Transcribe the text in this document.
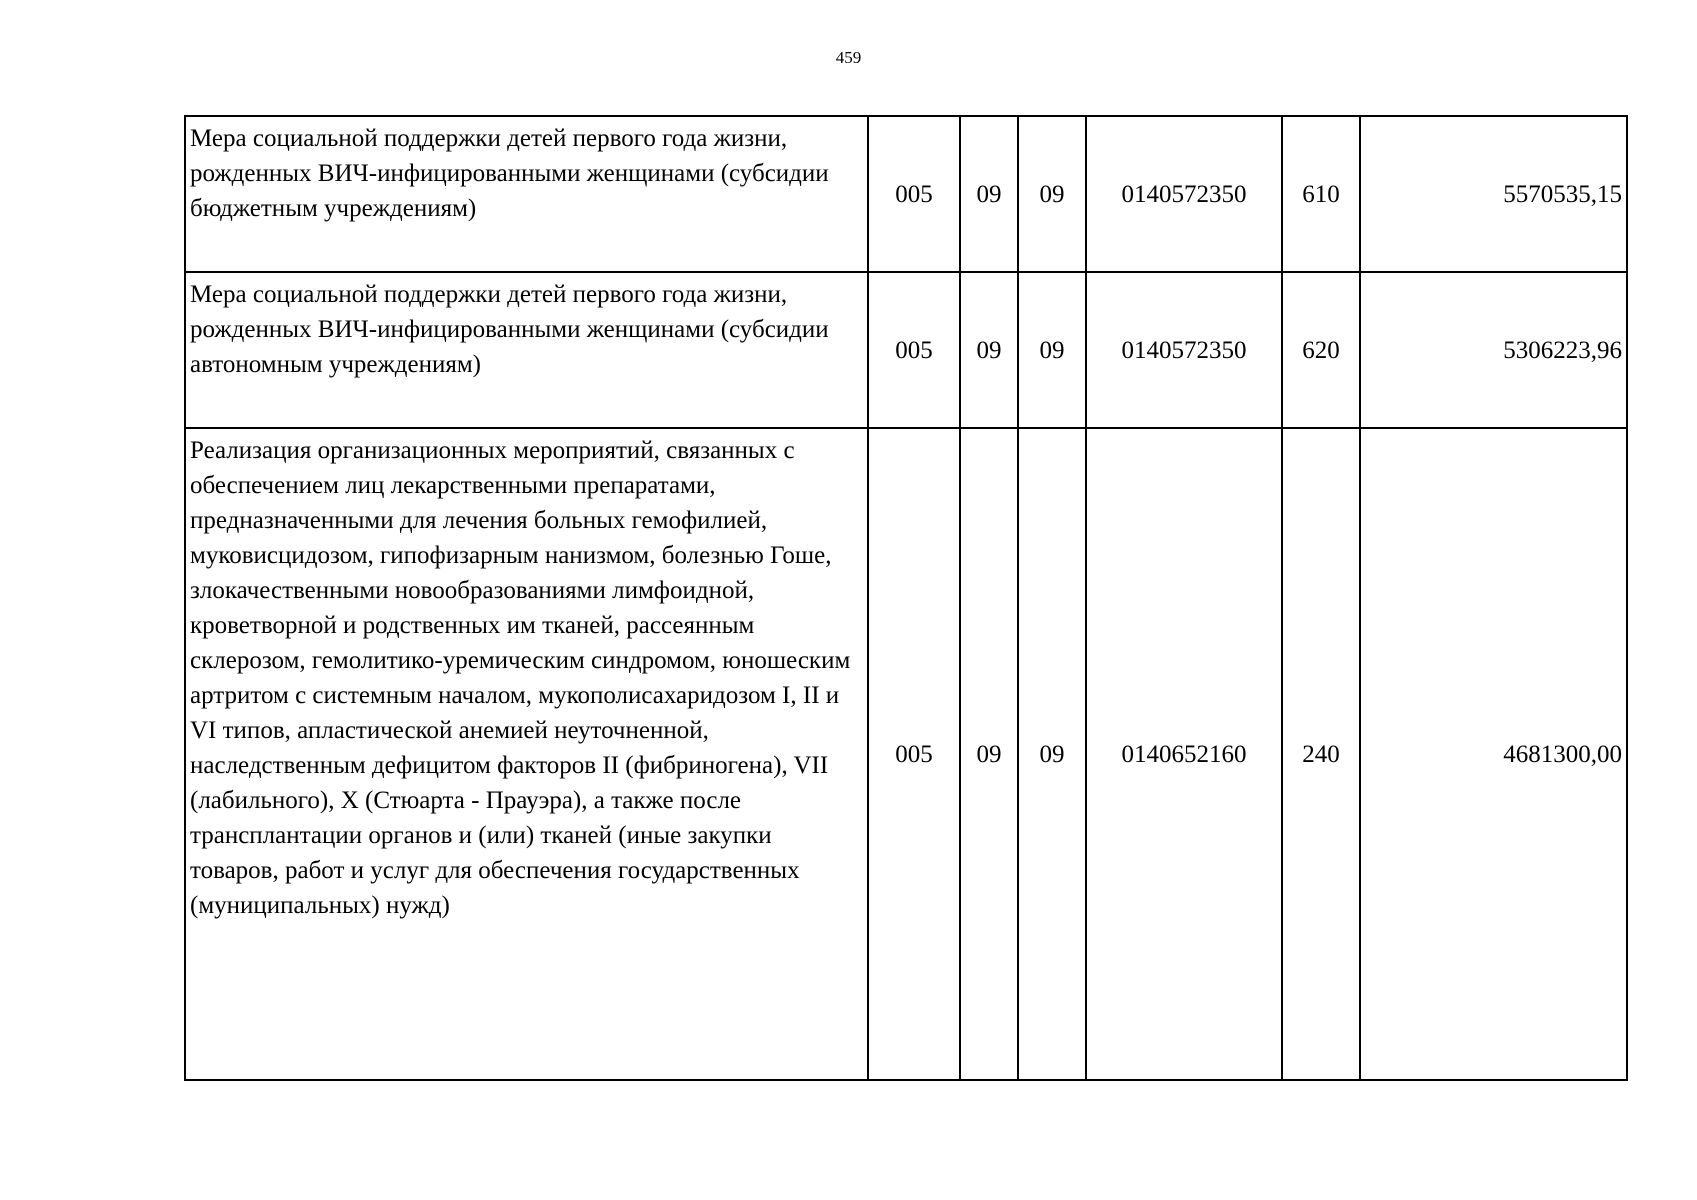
459
Мера социальной поддержки детей первого года жизни, рожденных ВИЧ-инфицированными женщинами (субсидии бюджетным учреждениям)	005	09	09	0140572350	610	5570535,15
Мера социальной поддержки детей первого года жизни, рожденных ВИЧ-инфицированными женщинами (субсидии автономным учреждениям)	005	09	09	0140572350	620	5306223,96
Реализация организационных мероприятий, связанных с обеспечением лиц лекарственными препаратами, предназначенными для лечения больных гемофилией, муковисцидозом, гипофизарным нанизмом, болезнью Гоше, злокачественными новообразованиями лимфоидной, кроветворной и родственных им тканей, рассеянным склерозом, гемолитико-уремическим синдромом, юношеским артритом с системным началом, мукополисахаридозом I, II и VI типов, апластической анемией неуточненной, наследственным дефицитом факторов II (фибриногена), VII (лабильного), X (Стюарта - Прауэра), а также после трансплантации органов и (или) тканей (иные закупки товаров, работ и услуг для обеспечения государственных (муниципальных) нужд)	005	09	09	0140652160	240	4681300,00
